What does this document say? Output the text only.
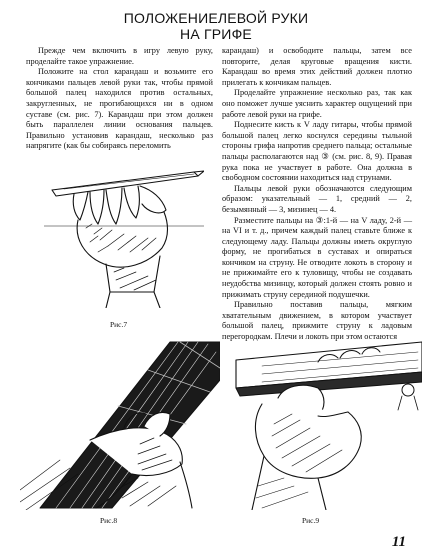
ПОЛОЖЕНИЕЛЕВОЙ РУКИ
НА ГРИФЕ

Прежде чем включить в игру левую руку, проделайте такое упражнение.

Положите на стол карандаш и возьмите его кончиками пальцев левой руки так, чтобы прямой большой палец находился против остальных, закругленных, не прогибающихся ни в одном суставе (см. рис. 7). Карандаш при этом должен быть параллелен линии основания пальцев. Правильно установив карандаш, несколько раз напрягите (как бы собираясь переломить

карандаш) и освободите пальцы, затем все повторите, делая круговые вращения кисти. Карандаш во время этих действий должен плотно прилегать к кончикам пальцев.

Проделайте упражнение несколько раз, так как оно поможет лучше уяснить характер ощущений при работе левой руки на грифе.

Поднесите кисть к V ладу гитары, чтобы прямой большой палец легко коснулся середины тыльной стороны грифа напротив среднего пальца; остальные пальцы располагаются над ③ (см. рис. 8, 9). Правая рука пока не участвует в работе. Она должна в свободном состоянии находиться над струнами.

Пальцы левой руки обозначаются следующим образом: указательный — 1, средний — 2, безымянный — 3, мизинец — 4.

Разместите пальцы на ③:1-й — на V ладу, 2-й — на VI и т. д., причем каждый палец ставьте ближе к следующему ладу. Пальцы должны иметь округлую форму, не прогибаться в суставах и опираться кончиком на струну. Не отводите локоть в сторону и не прижимайте его к туловищу, чтобы не создавать неудобства мизинцу, который должен стоять ровно и прижимать струну серединой подушечки.

Правильно поставив пальцы, мягким хватательным движением, в котором участвует большой палец, прижмите струну к ладовым перегородкам. Плечи и локоть при этом остаются

Рис.7
Рис.8	Рис.9
11
